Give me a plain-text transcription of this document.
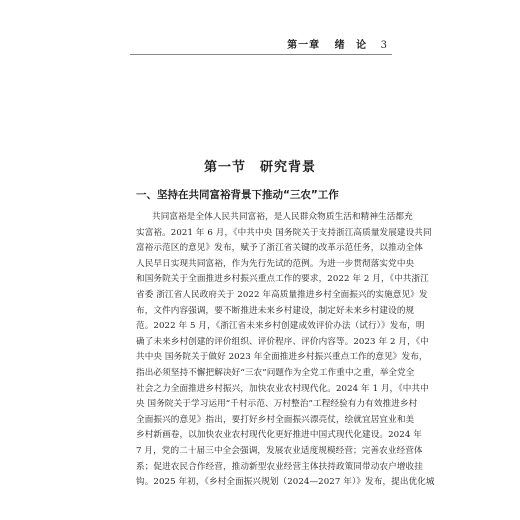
第一章 绪 论 3
第一节　研究背景
一、坚持在共同富裕背景下推动“三农”工作
共同富裕是全体人民共同富裕，是人民群众物质生活和精神生活都充
实富裕。2021 年 6 月，《中共中央 国务院关于支持浙江高质量发展建设共同
富裕示范区的意见》发布，赋予了浙江省关键的改革示范任务，以推动全体
人民早日实现共同富裕，作为先行先试的范例。为进一步贯彻落实党中央
和国务院关于全面推进乡村振兴重点工作的要求，2022 年 2 月，《中共浙江
省委 浙江省人民政府关于 2022 年高质量推进乡村全面振兴的实施意见》发
布，文件内容强调，要不断推进未来乡村建设，制定好未来乡村建设的规
范。2022 年 5 月，《浙江省未来乡村创建成效评价办法（试行）》发布，明
确了未来乡村创建的评价组织、评价程序、评价内容等。2023 年 2 月，《中
共中央 国务院关于做好 2023 年全面推进乡村振兴重点工作的意见》发布，
指出必须坚持不懈把解决好“三农”问题作为全党工作重中之重，举全党全
社会之力全面推进乡村振兴，加快农业农村现代化。2024 年 1 月，《中共中
央 国务院关于学习运用“千村示范、万村整治”工程经验有力有效推进乡村
全面振兴的意见》指出，要打好乡村全面振兴漂亮仗，绘就宜居宜业和美
乡村新画卷，以加快农业农村现代化更好推进中国式现代化建设。2024 年
7 月，党的二十届三中全会强调，发展农业适度规模经营；完善农业经营体
系；促进农民合作经营，推动新型农业经营主体扶持政策同带动农户增收挂
钩。2025 年初，《乡村全面振兴规划（2024—2027 年）》发布，提出优化城
